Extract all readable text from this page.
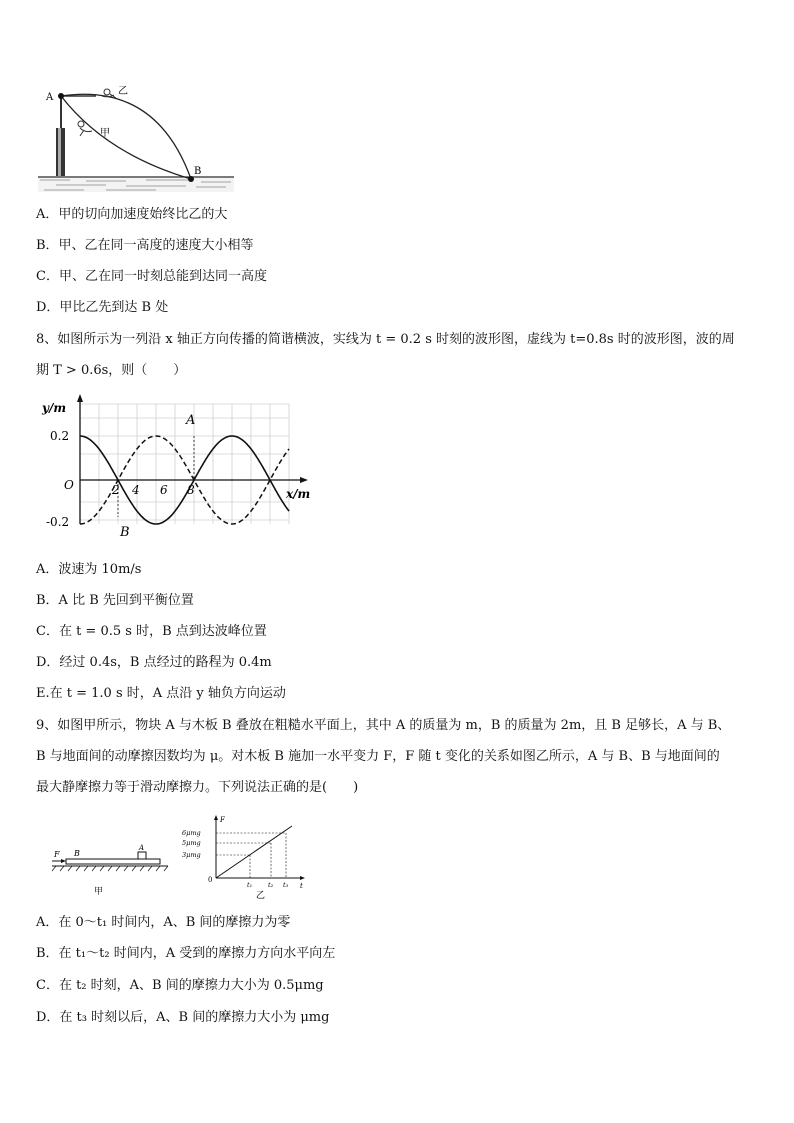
A
B
乙
甲
A．甲的切向加速度始终比乙的大
B．甲、乙在同一高度的速度大小相等
C．甲、乙在同一时刻总能到达同一高度
D．甲比乙先到达 B 处
8、如图所示为一列沿 x 轴正方向传播的简谐横波，实线为 t = 0.2 s 时刻的波形图，虚线为 t=0.8s 时的波形图，波的周
期 T > 0.6s，则（　　）
y/m
x/m
0.2
-0.2
O	2 4 6 8
A
B
A．波速为 10m/s
B．A 比 B 先回到平衡位置
C．在 t = 0.5 s 时，B 点到达波峰位置
D．经过 0.4s，B 点经过的路程为 0.4m
E.在 t = 1.0 s 时，A 点沿 y 轴负方向运动
9、如图甲所示，物块 A 与木板 B 叠放在粗糙水平面上，其中 A 的质量为 m，B 的质量为 2m，且 B 足够长，A 与 B、
B 与地面间的动摩擦因数均为 μ。对木板 B 施加一水平变力 F，F 随 t 变化的关系如图乙所示，A 与 B、B 与地面间的
最大静摩擦力等于滑动摩擦力。下列说法正确的是(　　)
F B
A
甲
F
t
0
6μmg
5μmg
3μmg
t₁ t₂ t₃
乙
A．在 0～t₁ 时间内，A、B 间的摩擦力为零
B．在 t₁～t₂ 时间内，A 受到的摩擦力方向水平向左
C．在 t₂ 时刻，A、B 间的摩擦力大小为 0.5μmg
D．在 t₃ 时刻以后，A、B 间的摩擦力大小为 μmg
